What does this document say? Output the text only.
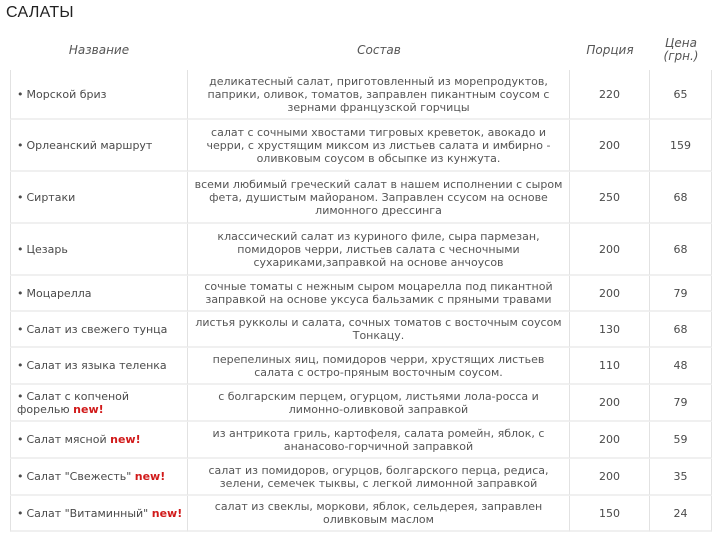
САЛАТЫ
Название	Состав	Порция	Цена (грн.)
• Морской бриз	деликатесный салат, приготовленный из морепродуктов, паприки, оливок, томатов, заправлен пикантным соусом с зернами французской горчицы	220	65
• Орлеанский маршрут	салат с сочными хвостами тигровых креветок, авокадо и черри, с хрустящим миксом из листьев салата и имбирно - оливковым соусом в обсыпке из кунжута.	200	159
• Сиртаки	всеми любимый греческий салат в нашем исполнении с сыром фета, душистым майораном. Заправлен ссусом на основе лимонного дрессинга	250	68
• Цезарь	классический салат из куриного филе, сыра пармезан, помидоров черри, листьев салата с чесночными сухариками,заправкой на основе анчоусов	200	68
• Моцарелла	сочные томаты с нежным сыром моцарелла под пикантной заправкой на основе уксуса бальзамик с пряными травами	200	79
• Салат из свежего тунца	листья рукколы и салата, сочных томатов с восточным соусом Тонкацу.	130	68
• Салат из языка теленка	перепелиных яиц, помидоров черри, хрустящих листьев салата с остро-пряным восточным соусом.	110	48
• Салат с копченой форелью new!	с болгарским перцем, огурцом, листьями лола-росса и лимонно-оливковой заправкой	200	79
• Салат мясной new!	из антрикота гриль, картофеля, салата ромейн, яблок, с ананасово-горчичной заправкой	200	59
• Салат "Свежесть" new!	салат из помидоров, огурцов, болгарского перца, редиса, зелени, семечек тыквы, с легкой лимонной заправкой	200	35
• Салат "Витаминный" new!	салат из свеклы, моркови, яблок, сельдерея, заправлен оливковым маслом	150	24
